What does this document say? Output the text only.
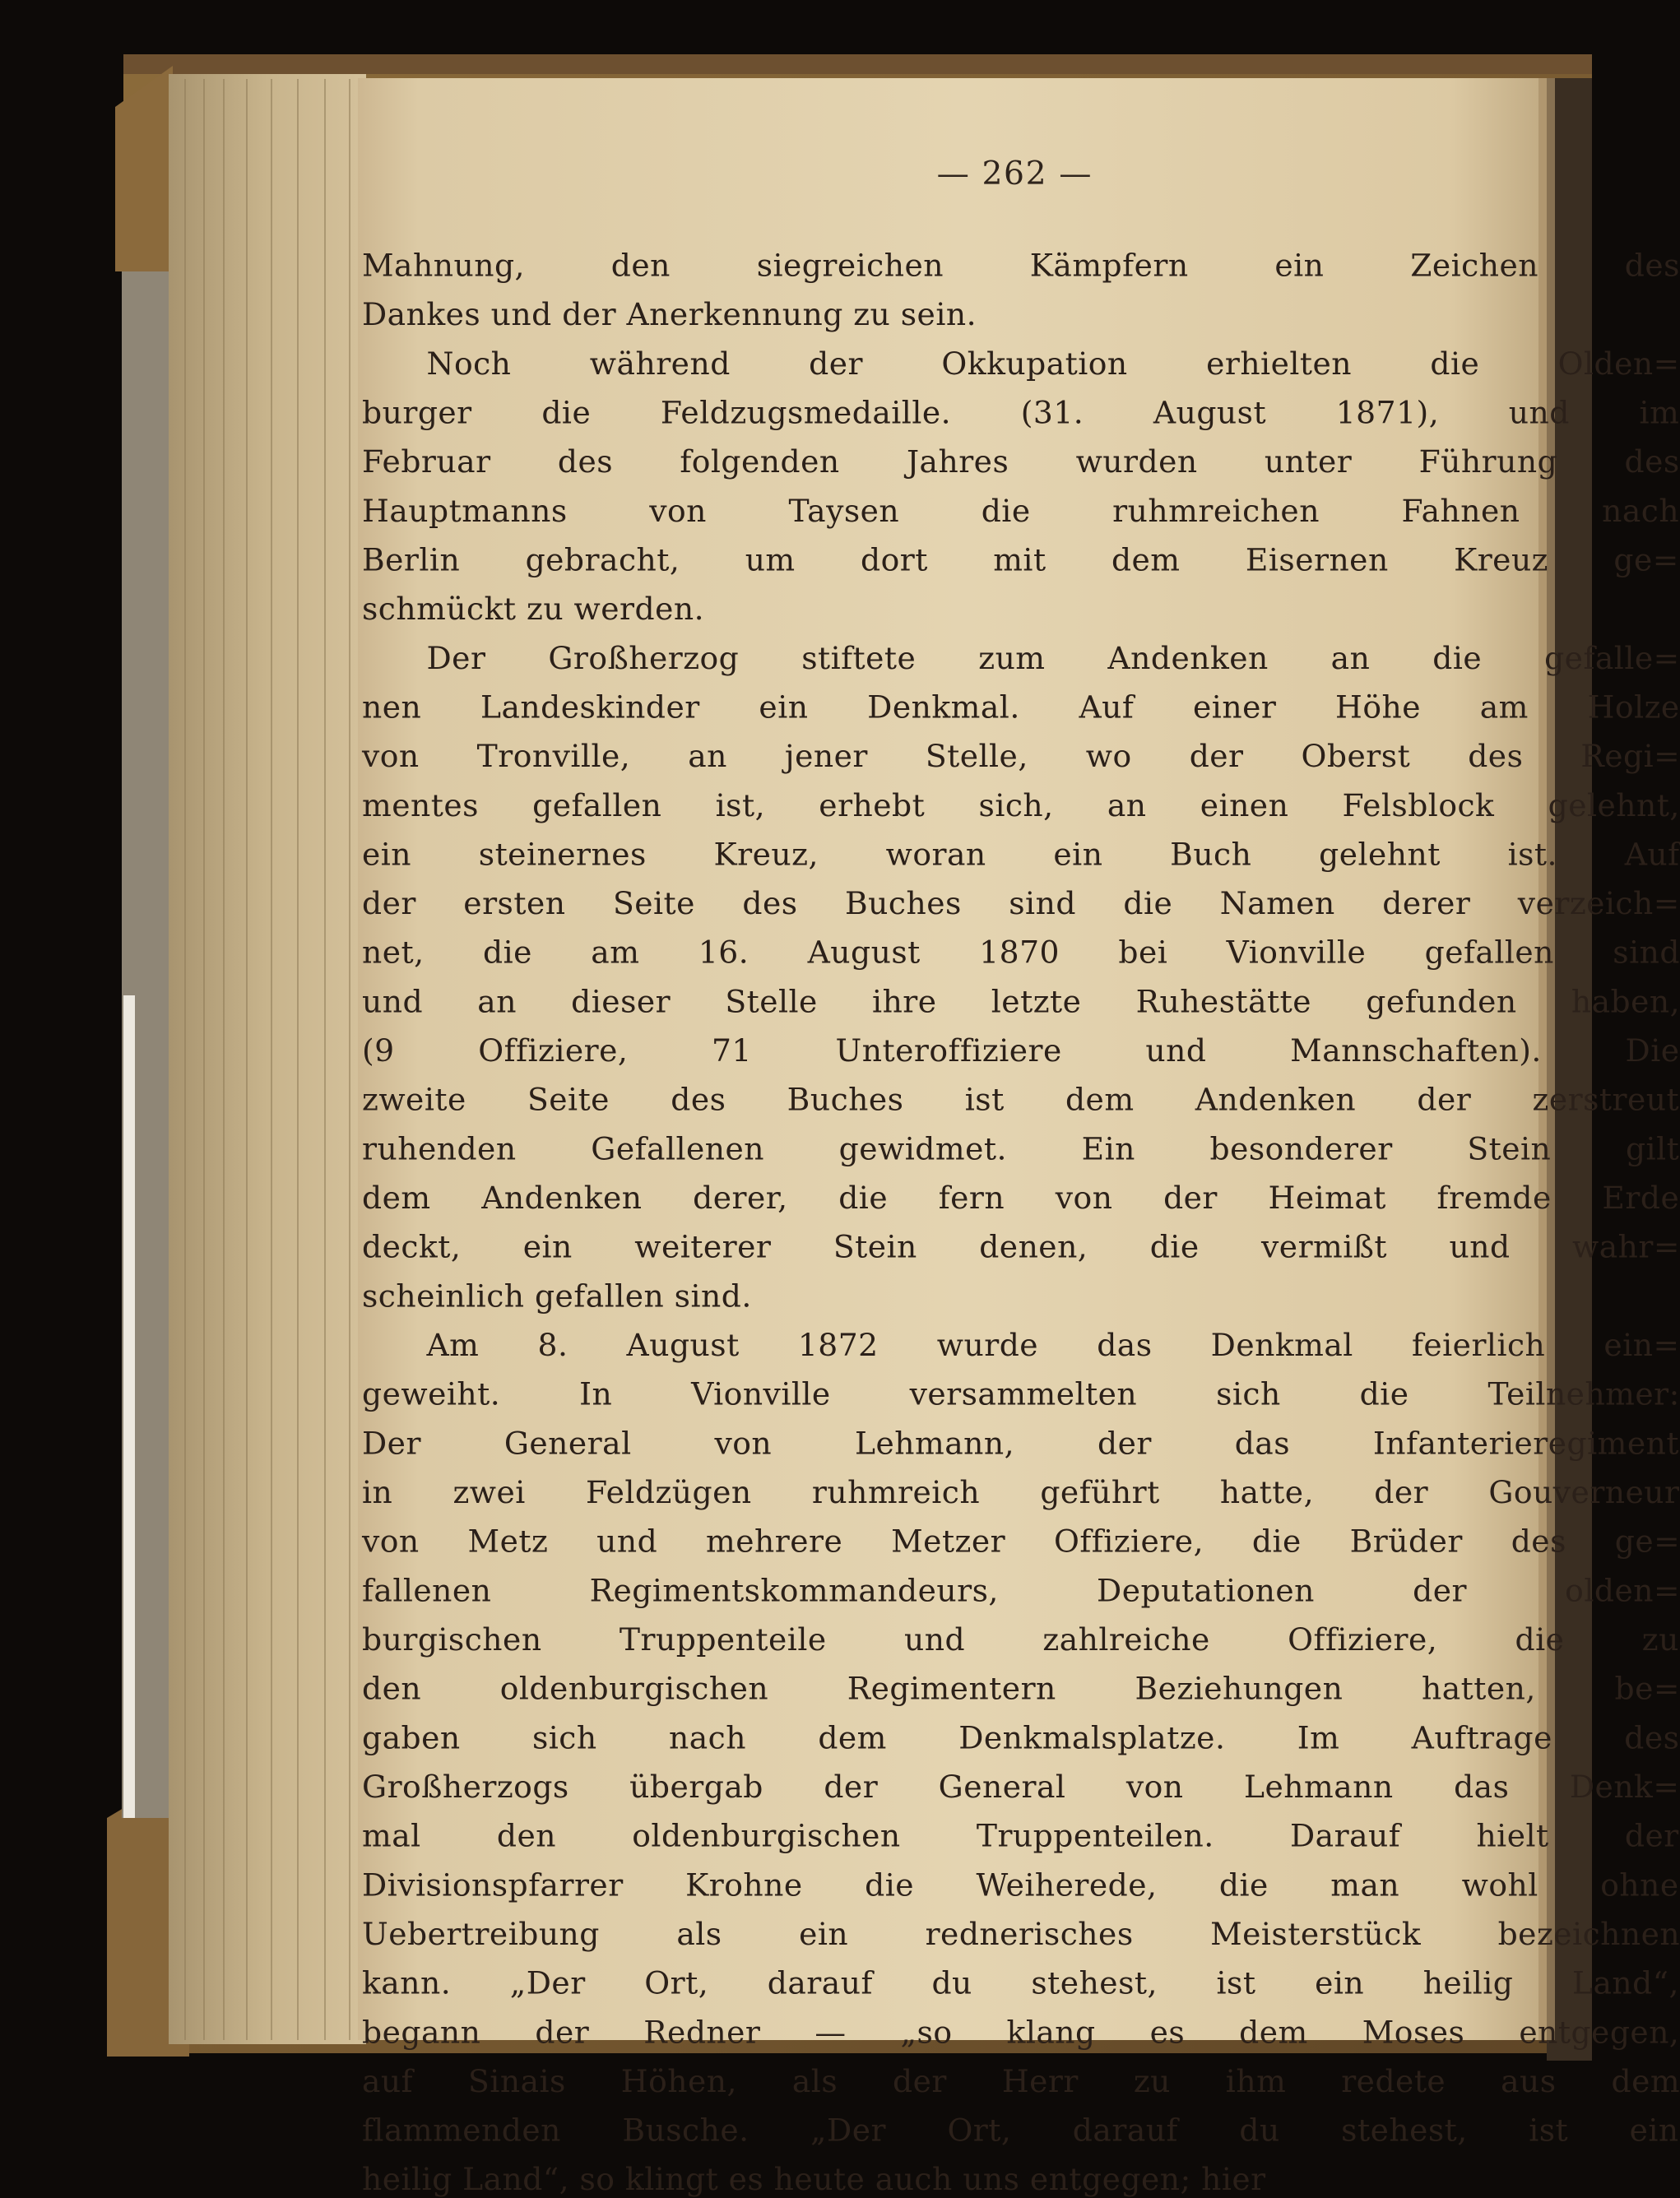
— 262 —
Mahnung, den siegreichen Kämpfern ein Zeichen des
Dankes und der Anerkennung zu sein.
Noch während der Okkupation erhielten die Olden=
burger die Feldzugsmedaille. (31. August 1871), und im
Februar des folgenden Jahres wurden unter Führung des
Hauptmanns von Taysen die ruhmreichen Fahnen nach
Berlin gebracht, um dort mit dem Eisernen Kreuz ge=
schmückt zu werden.
Der Großherzog stiftete zum Andenken an die gefalle=
nen Landeskinder ein Denkmal. Auf einer Höhe am Holze
von Tronville, an jener Stelle, wo der Oberst des Regi=
mentes gefallen ist, erhebt sich, an einen Felsblock gelehnt,
ein steinernes Kreuz, woran ein Buch gelehnt ist. Auf
der ersten Seite des Buches sind die Namen derer verzeich=
net, die am 16. August 1870 bei Vionville gefallen sind
und an dieser Stelle ihre letzte Ruhestätte gefunden haben,
(9 Offiziere, 71 Unteroffiziere und Mannschaften). Die
zweite Seite des Buches ist dem Andenken der zerstreut
ruhenden Gefallenen gewidmet. Ein besonderer Stein gilt
dem Andenken derer, die fern von der Heimat fremde Erde
deckt, ein weiterer Stein denen, die vermißt und wahr=
scheinlich gefallen sind.
Am 8. August 1872 wurde das Denkmal feierlich ein=
geweiht. In Vionville versammelten sich die Teilnehmer:
Der General von Lehmann, der das Infanterieregiment
in zwei Feldzügen ruhmreich geführt hatte, der Gouverneur
von Metz und mehrere Metzer Offiziere, die Brüder des ge=
fallenen Regimentskommandeurs, Deputationen der olden=
burgischen Truppenteile und zahlreiche Offiziere, die zu
den oldenburgischen Regimentern Beziehungen hatten, be=
gaben sich nach dem Denkmalsplatze. Im Auftrage des
Großherzogs übergab der General von Lehmann das Denk=
mal den oldenburgischen Truppenteilen. Darauf hielt der
Divisionspfarrer Krohne die Weiherede, die man wohl ohne
Uebertreibung als ein rednerisches Meisterstück bezeichnen
kann. „Der Ort, darauf du stehest, ist ein heilig Land“,
begann der Redner — „so klang es dem Moses entgegen,
auf Sinais Höhen, als der Herr zu ihm redete aus dem
flammenden Busche. „Der Ort, darauf du stehest, ist ein
heilig Land“, so klingt es heute auch uns entgegen; hier
